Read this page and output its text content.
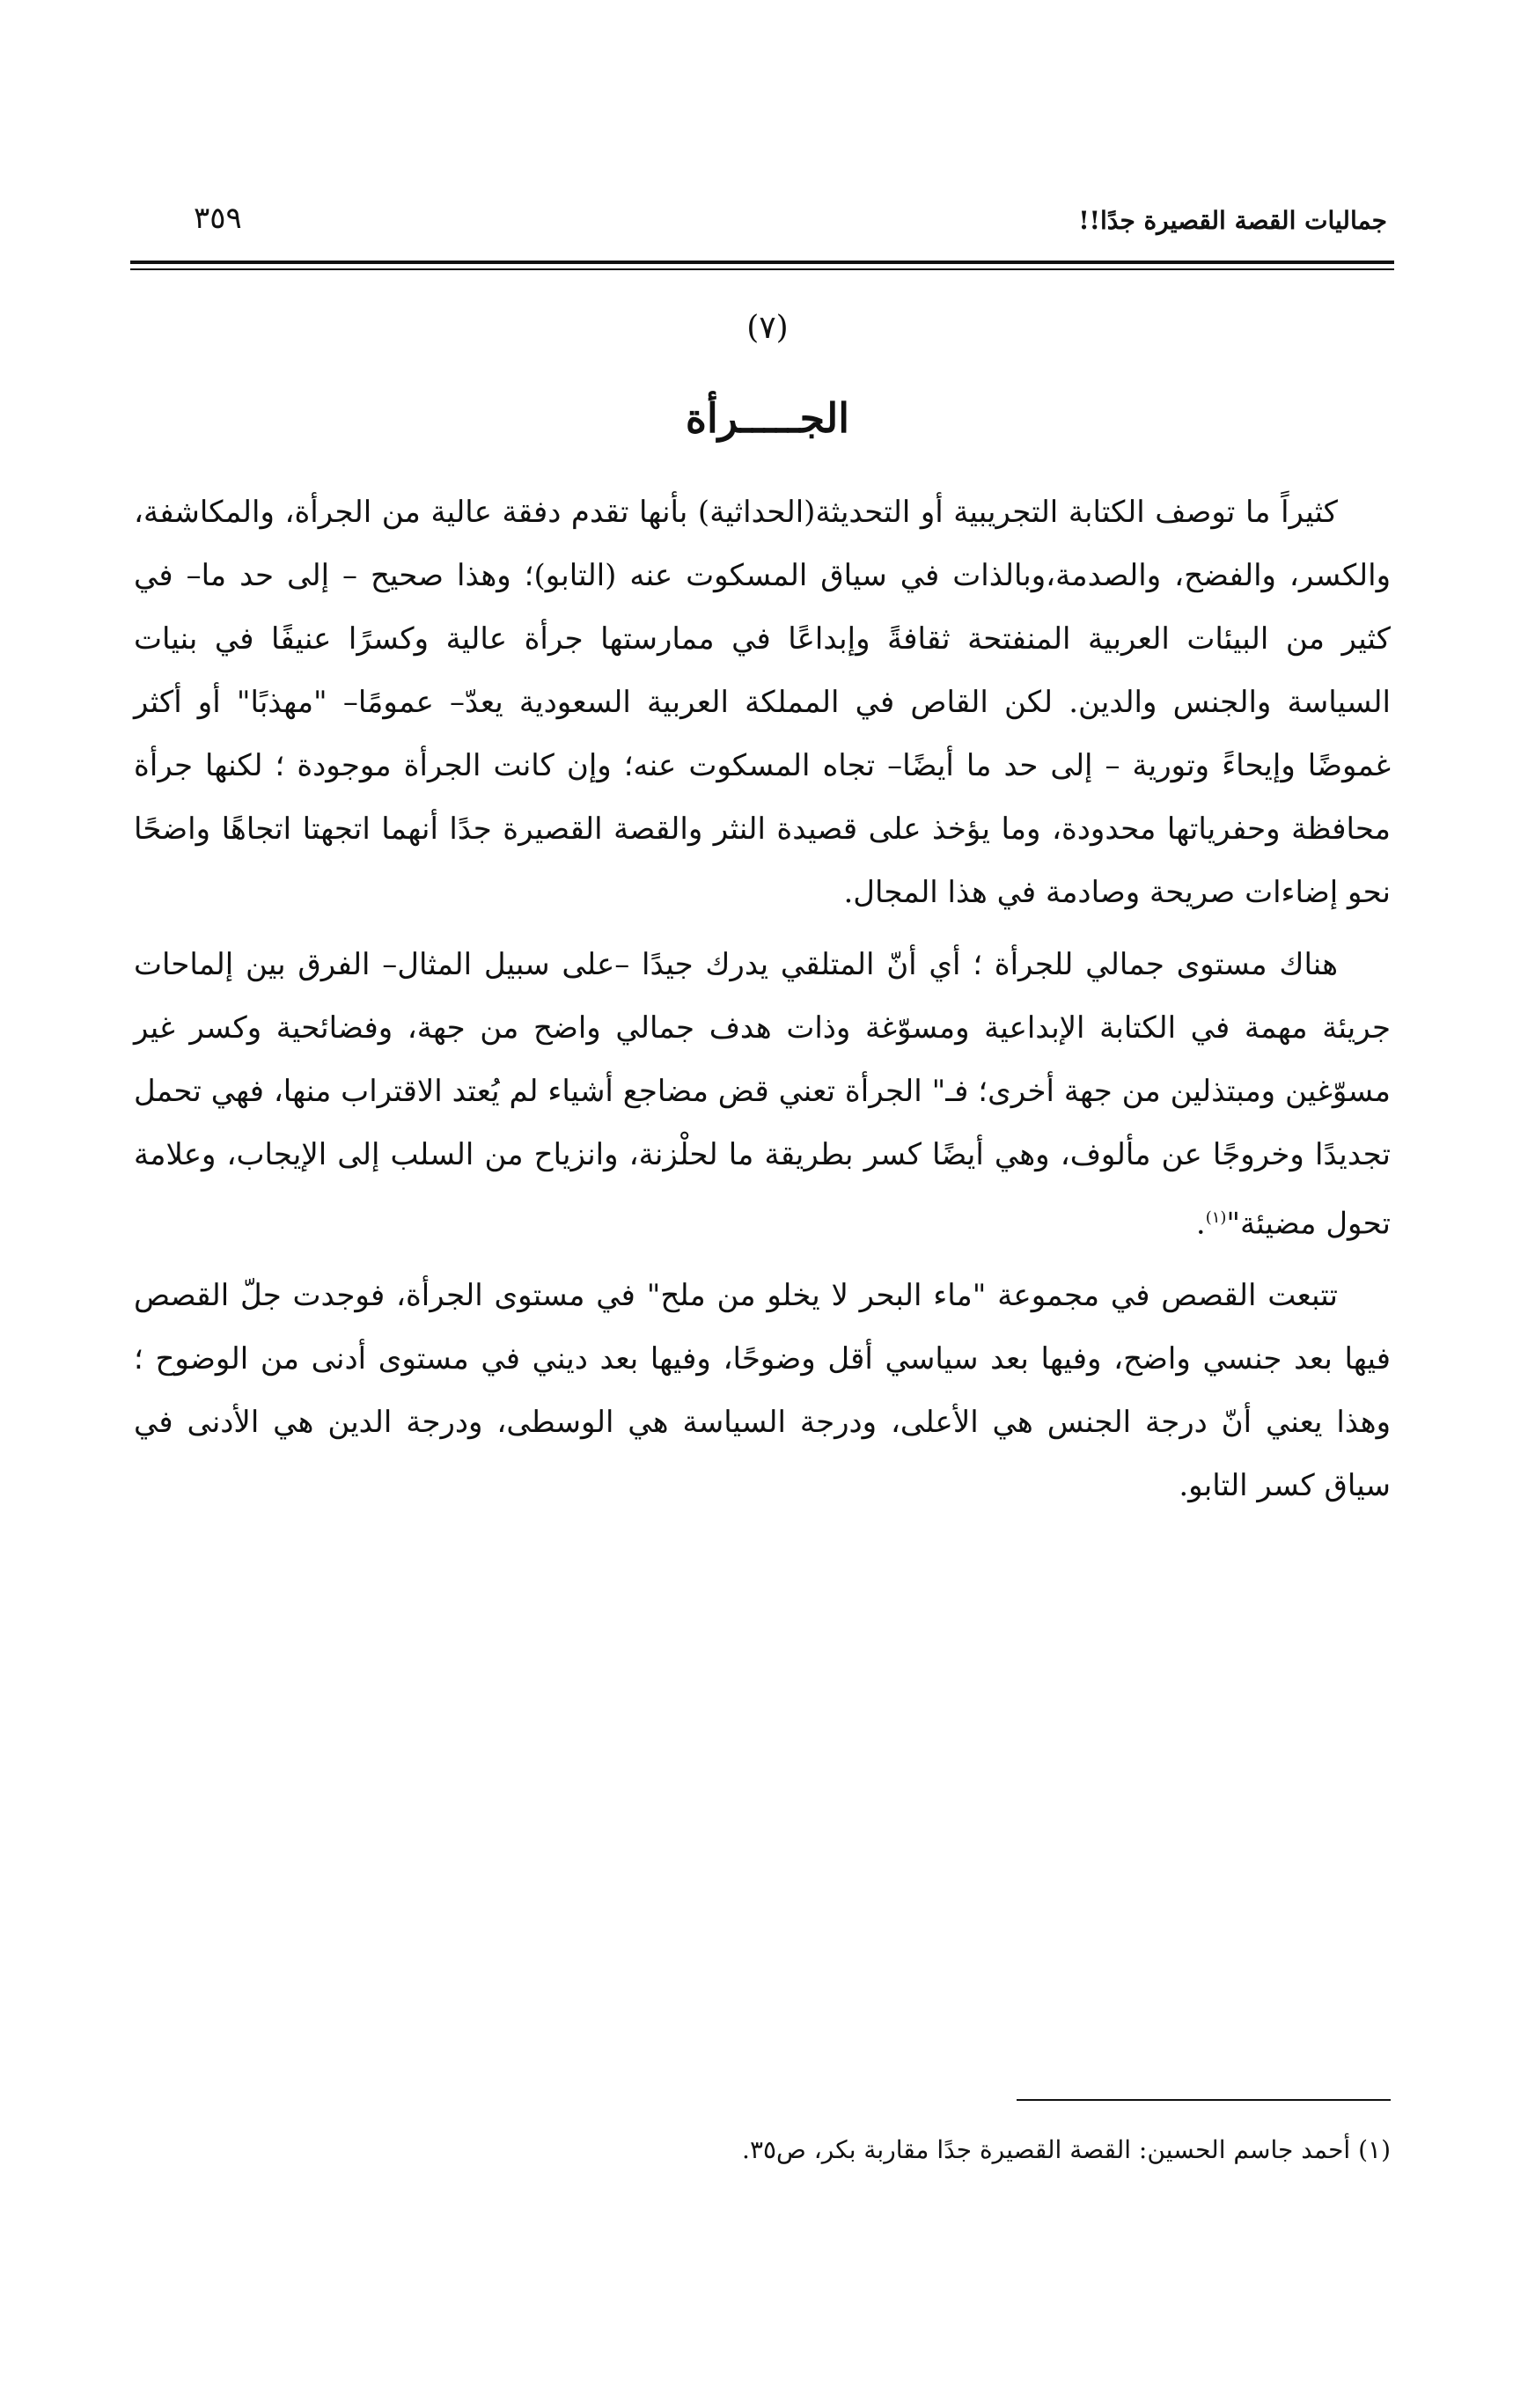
جماليات القصة القصيرة جدًا!!
٣٥٩
(٧)
الجـــــرأة

كثيراً ما توصف الكتابة التجريبية أو التحديثة(الحداثية) بأنها تقدم دفقة عالية من الجرأة، والمكاشفة، والكسر، والفضح، والصدمة،وبالذات في سياق المسكوت عنه (التابو)؛ وهذا صحيح – إلى حد ما– في كثير من البيئات العربية المنفتحة ثقافةً وإبداعًا في ممارستها جرأة عالية وكسرًا عنيفًا في بنيات السياسة والجنس والدين. لكن القاص في المملكة العربية السعودية يعدّ– عمومًا– "مهذبًا" أو أكثر غموضًا وإيحاءً وتورية – إلى حد ما أيضًا– تجاه المسكوت عنه؛ وإن كانت الجرأة موجودة ؛ لكنها جرأة محافظة وحفرياتها محدودة، وما يؤخذ على قصيدة النثر والقصة القصيرة جدًا أنهما اتجهتا اتجاهًا واضحًا نحو إضاءات صريحة وصادمة في هذا المجال.

هناك مستوى جمالي للجرأة ؛ أي أنّ المتلقي يدرك جيدًا –على سبيل المثال– الفرق بين إلماحات جريئة مهمة في الكتابة الإبداعية ومسوّغة وذات هدف جمالي واضح من جهة، وفضائحية وكسر غير مسوّغين ومبتذلين من جهة أخرى؛ فـ" الجرأة تعني قض مضاجع أشياء لم يُعتد الاقتراب منها، فهي تحمل تجديدًا وخروجًا عن مألوف، وهي أيضًا كسر بطريقة ما لحلْزنة، وانزياح من السلب إلى الإيجاب، وعلامة تحول مضيئة"$^{(١)}$.

تتبعت القصص في مجموعة "ماء البحر لا يخلو من ملح" في مستوى الجرأة، فوجدت جلّ القصص فيها بعد جنسي واضح، وفيها بعد سياسي أقل وضوحًا، وفيها بعد ديني في مستوى أدنى من الوضوح ؛ وهذا يعني أنّ درجة الجنس هي الأعلى، ودرجة السياسة هي الوسطى، ودرجة الدين هي الأدنى في سياق كسر التابو.

(١) أحمد جاسم الحسين: القصة القصيرة جدًا مقاربة بكر، ص٣٥.
